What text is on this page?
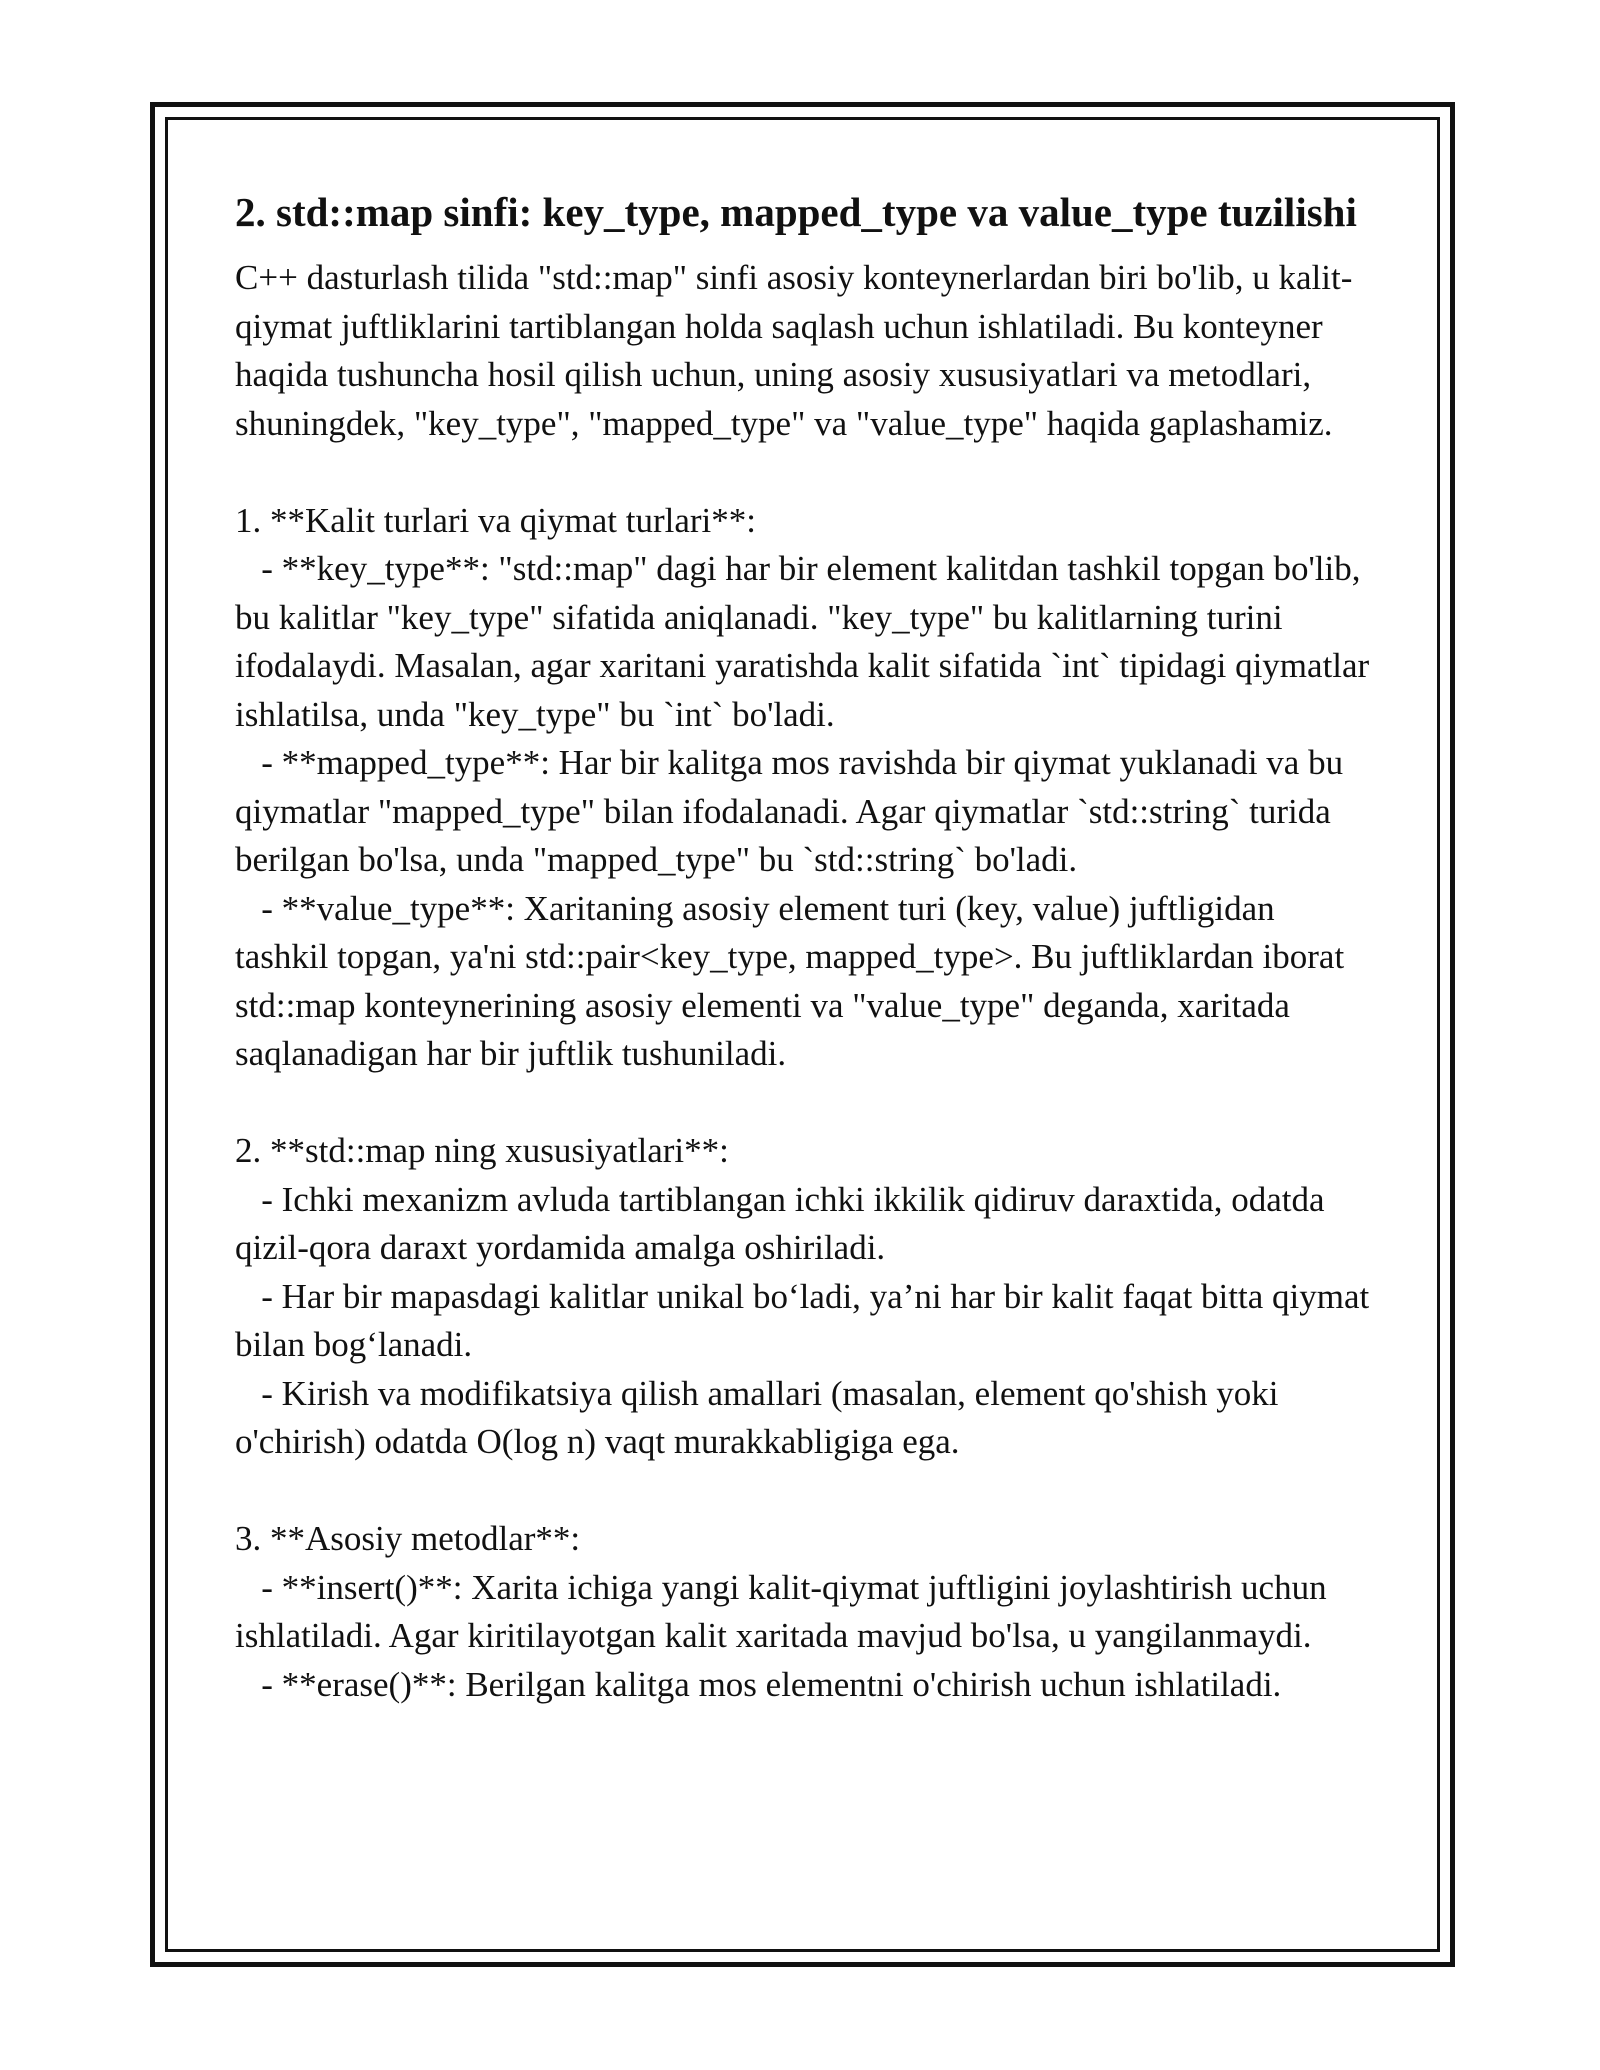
2. std::map sinfi: key_type, mapped_type va value_type tuzilishi

C++ dasturlash tilida "std::map" sinfi asosiy konteynerlardan biri bo'lib, u kalit-qiymat juftliklarini tartiblangan holda saqlash uchun ishlatiladi. Bu konteyner haqida tushuncha hosil qilish uchun, uning asosiy xususiyatlari va metodlari, shuningdek, "key_type", "mapped_type" va "value_type" haqida gaplashamiz.

1. **Kalit turlari va qiymat turlari**:

- **key_type**: "std::map" dagi har bir element kalitdan tashkil topgan bo'lib, bu kalitlar "key_type" sifatida aniqlanadi. "key_type" bu kalitlarning turini ifodalaydi. Masalan, agar xaritani yaratishda kalit sifatida `int` tipidagi qiymatlar ishlatilsa, unda "key_type" bu `int` bo'ladi.

- **mapped_type**: Har bir kalitga mos ravishda bir qiymat yuklanadi va bu qiymatlar "mapped_type" bilan ifodalanadi. Agar qiymatlar `std::string` turida berilgan bo'lsa, unda "mapped_type" bu `std::string` bo'ladi.

- **value_type**: Xaritaning asosiy element turi (key, value) juftligidan tashkil topgan, ya'ni std::pair<key_type, mapped_type>. Bu juftliklardan iborat std::map konteynerining asosiy elementi va "value_type" deganda, xaritada saqlanadigan har bir juftlik tushuniladi.

2. **std::map ning xususiyatlari**:

- Ichki mexanizm avluda tartiblangan ichki ikkilik qidiruv daraxtida, odatda qizil-qora daraxt yordamida amalga oshiriladi.

- Har bir mapasdagi kalitlar unikal bo‘ladi, ya’ni har bir kalit faqat bitta qiymat bilan bog‘lanadi.

- Kirish va modifikatsiya qilish amallari (masalan, element qo'shish yoki o'chirish) odatda O(log n) vaqt murakkabligiga ega.

3. **Asosiy metodlar**:

- **insert()**: Xarita ichiga yangi kalit-qiymat juftligini joylashtirish uchun ishlatiladi. Agar kiritilayotgan kalit xaritada mavjud bo'lsa, u yangilanmaydi.

- **erase()**: Berilgan kalitga mos elementni o'chirish uchun ishlatiladi.
